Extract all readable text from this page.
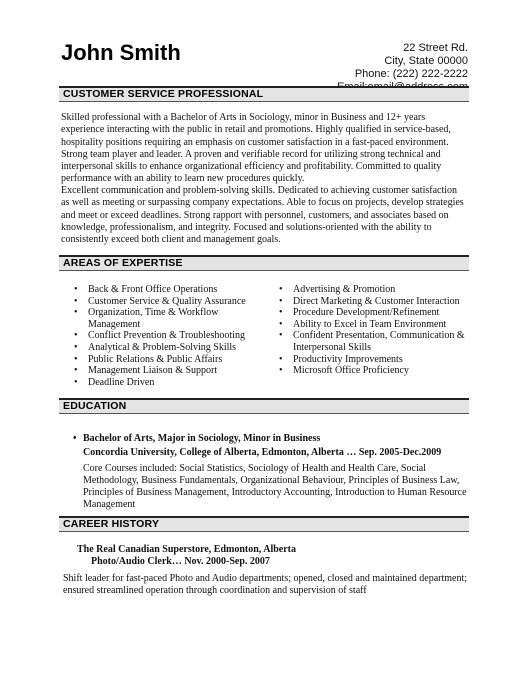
John Smith	22 Street Rd.
City, State 00000
Phone: (222) 222-2222
CUSTOMER SERVICE PROFESSIONAL
Skilled professional with a Bachelor of Arts in Sociology, minor in Business and 12+ years experience interacting with the public in retail and promotions. Highly qualified in service-based, hospitality positions requiring an emphasis on customer satisfaction in a fast-paced environment. Strong team player and leader. A proven and verifiable record for utilizing strong technical and interpersonal skills to enhance organizational efficiency and profitability. Committed to quality performance with an ability to learn new procedures quickly.
Excellent communication and problem-solving skills. Dedicated to achieving customer satisfaction as well as meeting or surpassing company expectations. Able to focus on projects, develop strategies and meet or exceed deadlines. Strong rapport with personnel, customers, and associates based on knowledge, professionalism, and integrity. Focused and solutions-oriented with the ability to consistently exceed both client and management goals.
AREAS OF EXPERTISE
• Back & Front Office Operations
• Customer Service & Quality Assurance
• Organization, Time & Workflow Management
• Conflict Prevention & Troubleshooting
• Analytical & Problem-Solving Skills
• Public Relations & Public Affairs
• Management Liaison & Support
• Deadline Driven
• Advertising & Promotion
• Direct Marketing & Customer Interaction
• Procedure Development/Refinement
• Ability to Excel in Team Environment
• Confident Presentation, Communication & Interpersonal Skills
• Productivity Improvements
• Microsoft Office Proficiency
EDUCATION
• Bachelor of Arts, Major in Sociology, Minor in Business
Concordia University, College of Alberta, Edmonton, Alberta … Sep. 2005-Dec.2009
Core Courses included: Social Statistics, Sociology of Health and Health Care, Social Methodology, Business Fundamentals, Organizational Behaviour, Principles of Business Law, Principles of Business Management, Introductory Accounting, Introduction to Human Resource Management
CAREER HISTORY
The Real Canadian Superstore, Edmonton, Alberta
Photo/Audio Clerk… Nov. 2000-Sep. 2007
Shift leader for fast-paced Photo and Audio departments; opened, closed and maintained department; ensured streamlined operation through coordination and supervision of staff
